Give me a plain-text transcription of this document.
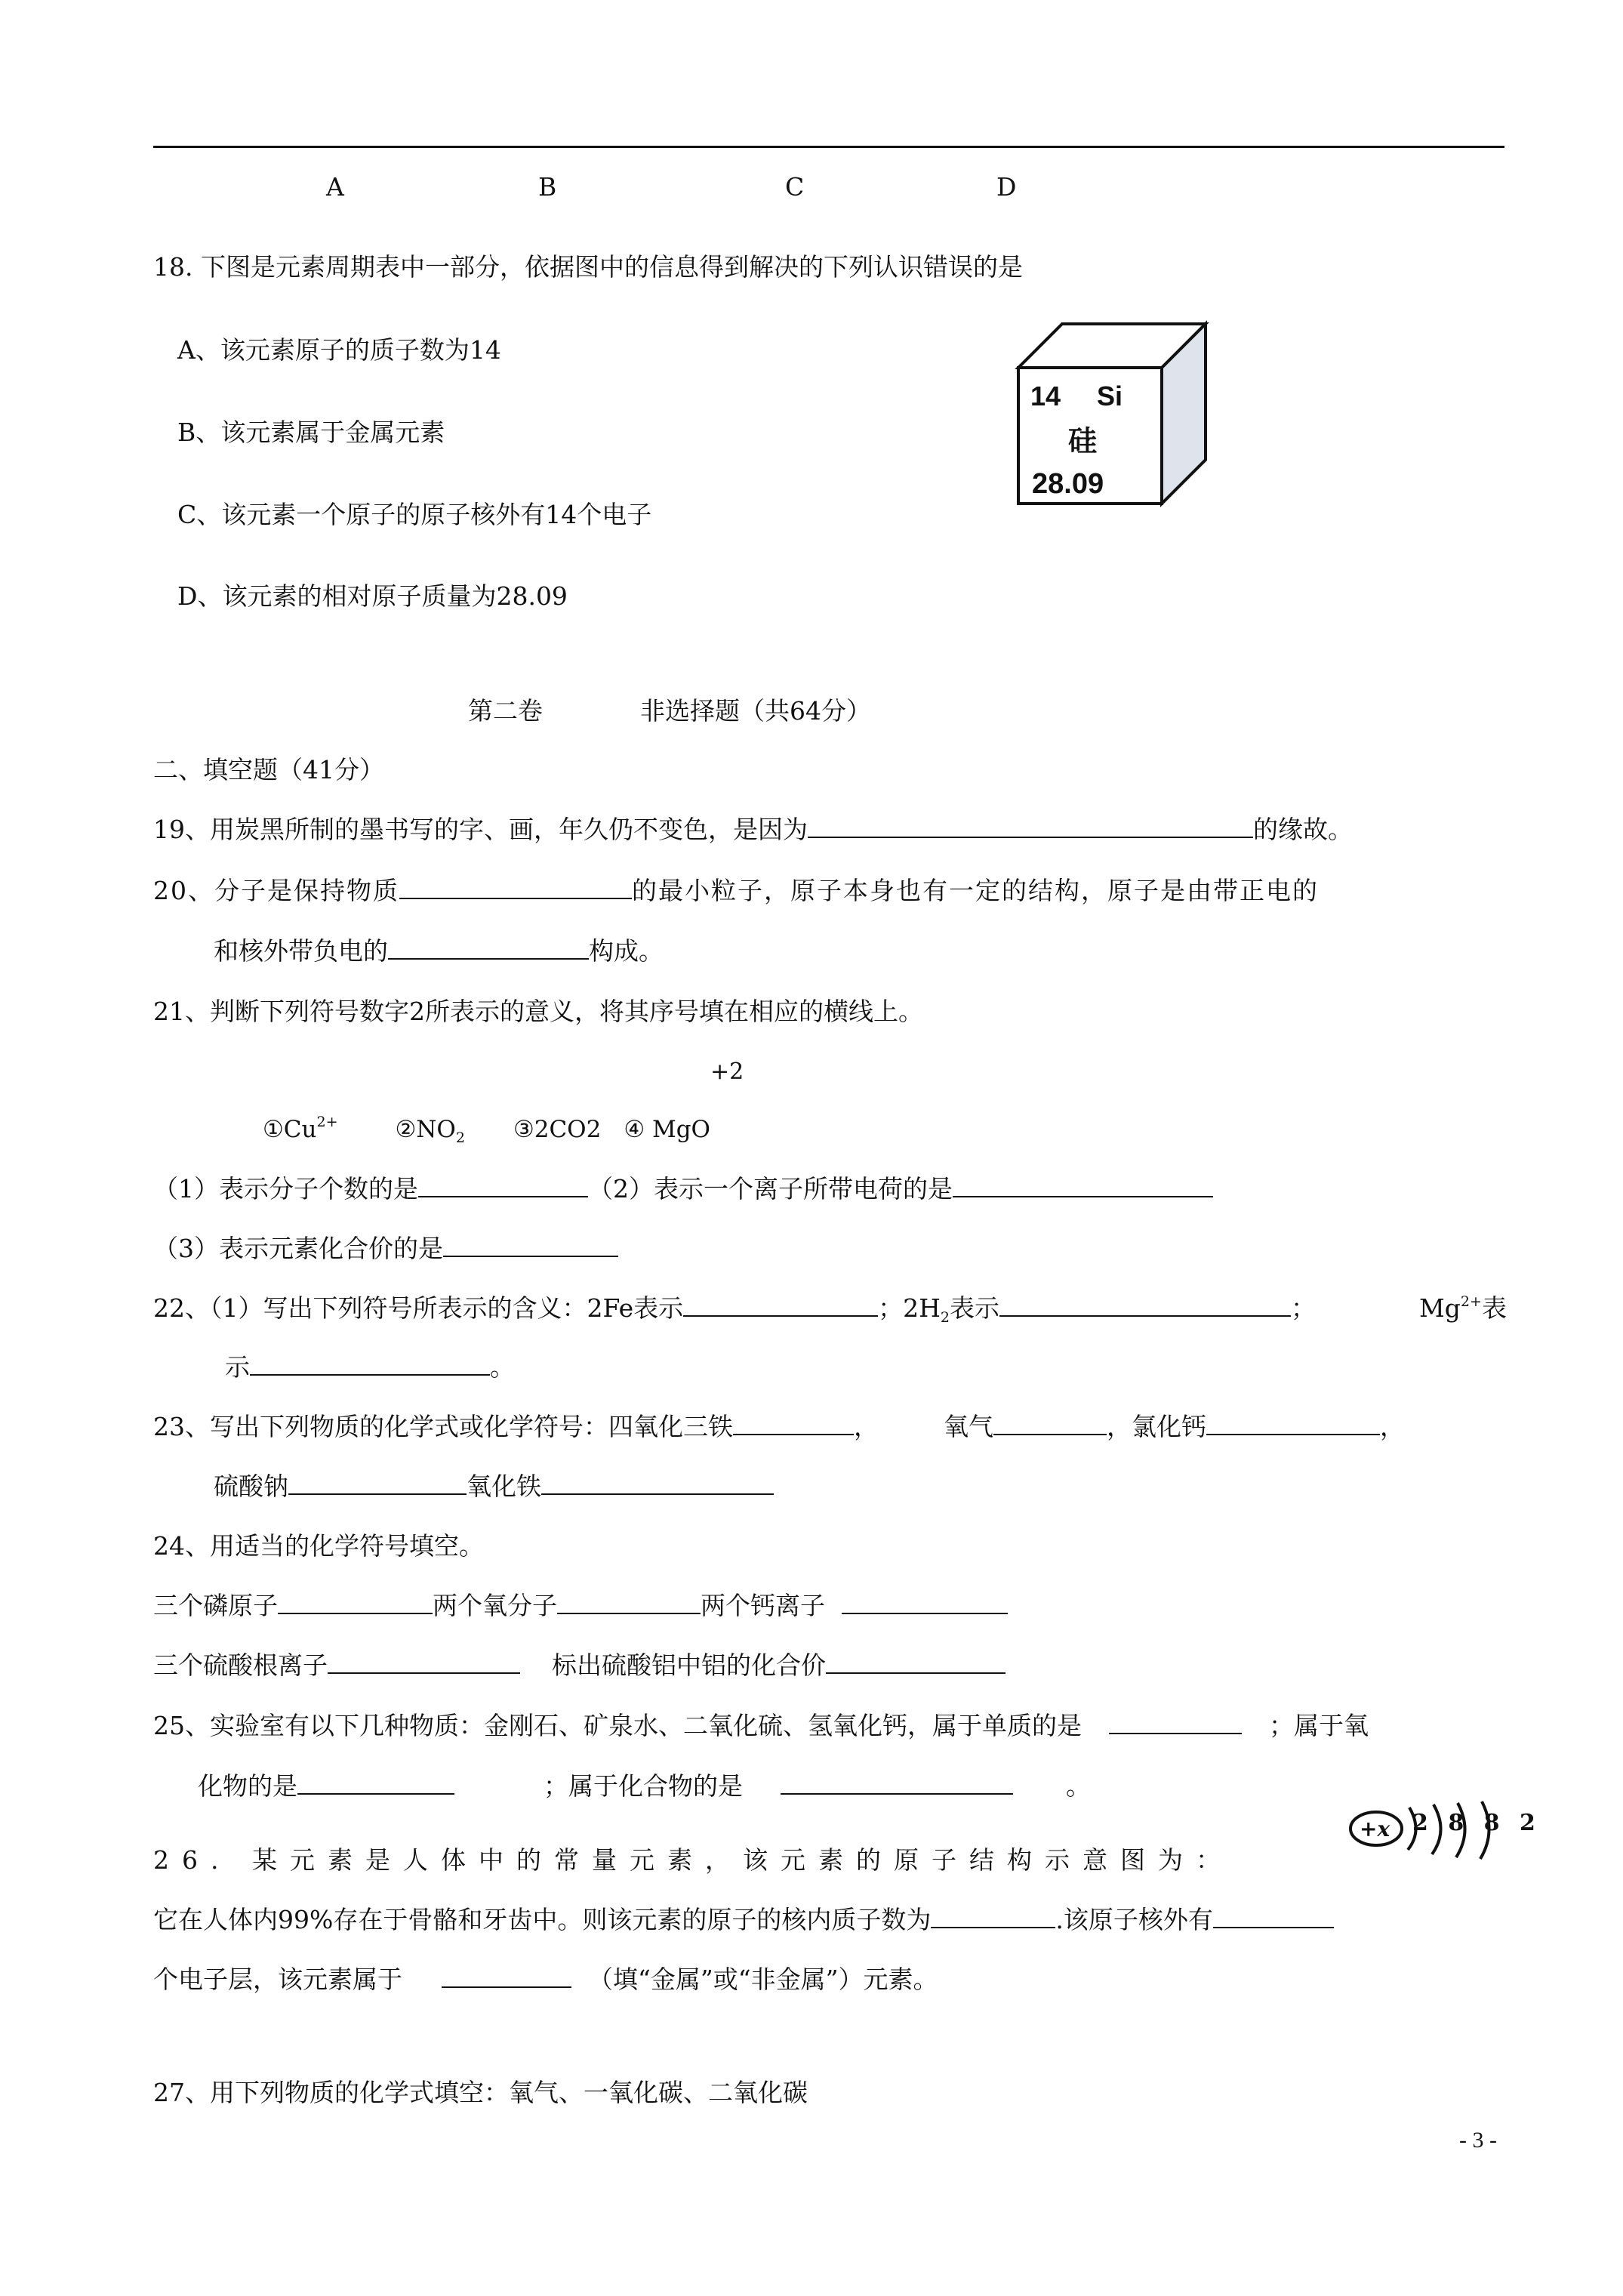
A	B	C	D
18. 下图是元素周期表中一部分，依据图中的信息得到解决的下列认识错误的是
A、该元素原子的质子数为14
B、该元素属于金属元素
C、该元素一个原子的原子核外有14个电子
D、该元素的相对原子质量为28.09
14 Si
硅
28.09
第二卷	非选择题（共64分）
二、填空题（41分）
19、用炭黑所制的墨书写的字、画，年久仍不变色，是因为	的缘故。
20、分子是保持物质	的最小粒子，原子本身也有一定的结构，原子是由带正电的
和核外带负电的	构成。
21、判断下列符号数字2所表示的意义，将其序号填在相应的横线上。
+2
$①Cu^{2+}$ $②NO_2$ ③2CO2 ④ MgO
（1）表示分子个数的是	（2）表示一个离子所带电荷的是
（3）表示元素化合价的是
22、（1）写出下列符号所表示的含义：2Fe表示	；$2H_2$表示	；	$Mg^{2+}$表
示	。
23、写出下列物质的化学式或化学符号：四氧化三铁	，	氧气	，氯化钙	，
硫酸钠	氧化铁
24、用适当的化学符号填空。
三个磷原子	两个氧分子	两个钙离子
三个硫酸根离子	标出硫酸铝中铝的化合价
25、实验室有以下几种物质：金刚石、矿泉水、二氧化硫、氢氧化钙，属于单质的是	；属于氧
化物的是	；属于化合物的是	。
26. 某元素是人体中的常量元素，该元素的原子结构示意图为：
+x 2 8 8 2
它在人体内99%存在于骨骼和牙齿中。则该元素的原子的核内质子数为	.该原子核外有
个电子层，该元素属于	（填“金属”或“非金属”）元素。
27、用下列物质的化学式填空：氧气、一氧化碳、二氧化碳
- 3 -
